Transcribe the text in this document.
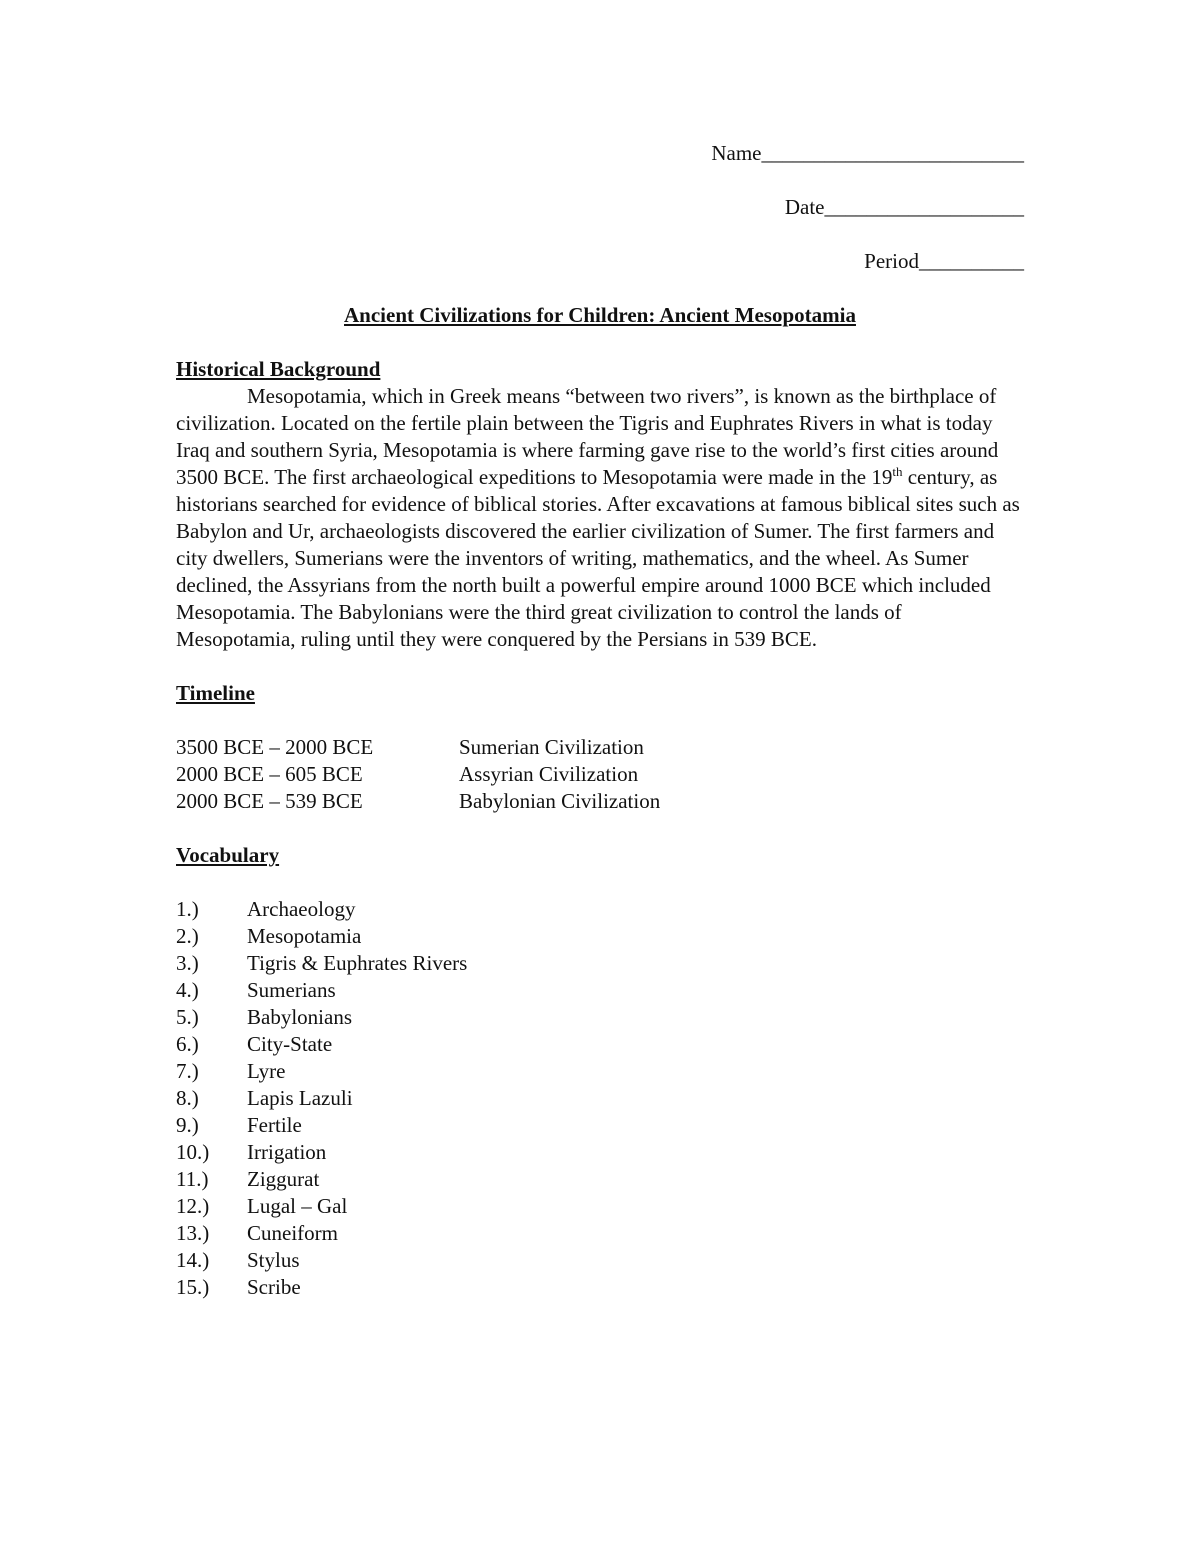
Name_________________________
Date___________________
Period__________
Ancient Civilizations for Children: Ancient Mesopotamia
Historical Background

Mesopotamia, which in Greek means “between two rivers”, is known as the birthplace of civilization. Located on the fertile plain between the Tigris and Euphrates Rivers in what is today Iraq and southern Syria, Mesopotamia is where farming gave rise to the world’s first cities around 3500 BCE. The first archaeological expeditions to Mesopotamia were made in the 19th century, as historians searched for evidence of biblical stories. After excavations at famous biblical sites such as Babylon and Ur, archaeologists discovered the earlier civilization of Sumer. The first farmers and city dwellers, Sumerians were the inventors of writing, mathematics, and the wheel. As Sumer declined, the Assyrians from the north built a powerful empire around 1000 BCE which included Mesopotamia. The Babylonians were the third great civilization to control the lands of Mesopotamia, ruling until they were conquered by the Persians in 539 BCE.

Timeline
3500 BCE – 2000 BCE	Sumerian Civilization
2000 BCE – 605 BCE	Assyrian Civilization
2000 BCE – 539 BCE	Babylonian Civilization
Vocabulary
1.)	Archaeology
2.)	Mesopotamia
3.)	Tigris & Euphrates Rivers
4.)	Sumerians
5.)	Babylonians
6.)	City-State
7.)	Lyre
8.)	Lapis Lazuli
9.)	Fertile
10.)	Irrigation
11.)	Ziggurat
12.)	Lugal – Gal
13.)	Cuneiform
14.)	Stylus
15.)	Scribe
